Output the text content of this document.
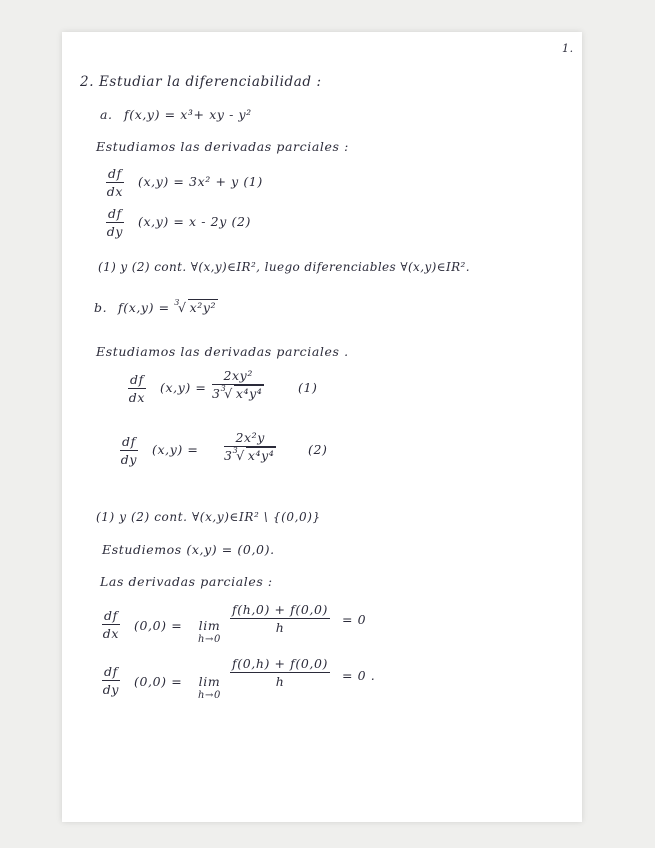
1.
2. Estudiar la diferenciabilidad :
a. f(x,y) = x³+ xy - y²
Estudiamos las derivadas parciales :
df
dx
(x,y) = 3x² + y (1)
df
dy
(x,y) = x - 2y (2)
(1) y (2) cont. ∀(x,y)∈IR², luego diferenciables ∀(x,y)∈IR².
b. f(x,y) = $^3$√ x²y²
Estudiamos las derivadas parciales .
df
dx
(x,y) =
2xy²
$3^3√$ x⁴y⁴	(1)
df
dy
(x,y) =
2x²y
$3^3√$ x⁴y⁴	(2)
(1) y (2) cont. ∀(x,y)∈IR² \ {(0,0)}
Estudiemos (x,y) = (0,0).
Las derivadas parciales :
df
dx
(0,0) = lim
h→0
f(h,0) + f(0,0)
h
= 0
df
dy
(0,0) = lim
h→0
f(0,h) + f(0,0)
h	= 0 .
